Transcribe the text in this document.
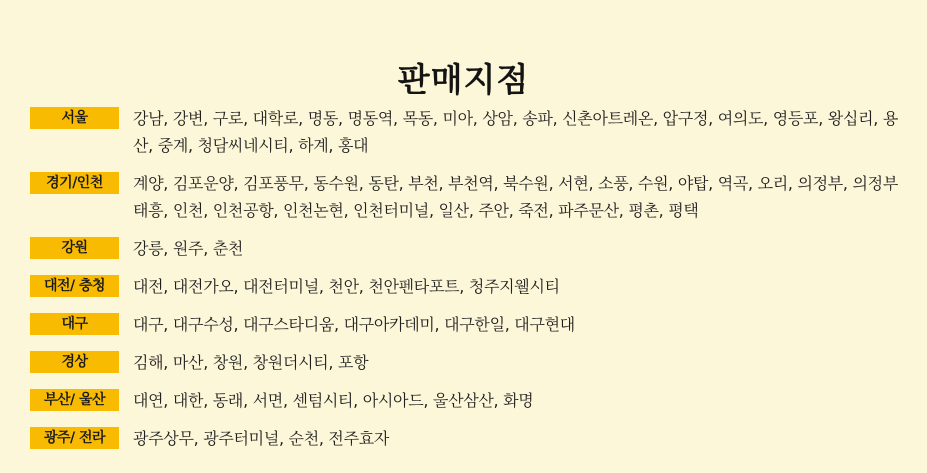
판매지점
서울	강남, 강변, 구로, 대학로, 명동, 명동역, 목동, 미아, 상암, 송파, 신촌아트레온, 압구정, 여의도, 영등포, 왕십리, 용산, 중계, 청담씨네시티, 하계, 홍대
경기/인천	계양, 김포운양, 김포풍무, 동수원, 동탄, 부천, 부천역, 북수원, 서현, 소풍, 수원, 야탑, 역곡, 오리, 의정부, 의정부태흥, 인천, 인천공항, 인천논현, 인천터미널, 일산, 주안, 죽전, 파주문산, 평촌, 평택
강원	강릉, 원주, 춘천
대전/ 충청	대전, 대전가오, 대전터미널, 천안, 천안펜타포트, 청주지웰시티
대구	대구, 대구수성, 대구스타디움, 대구아카데미, 대구한일, 대구현대
경상	김해, 마산, 창원, 창원더시티, 포항
부산/ 울산	대연, 대한, 동래, 서면, 센텀시티, 아시아드, 울산삼산, 화명
광주/ 전라	광주상무, 광주터미널, 순천, 전주효자
